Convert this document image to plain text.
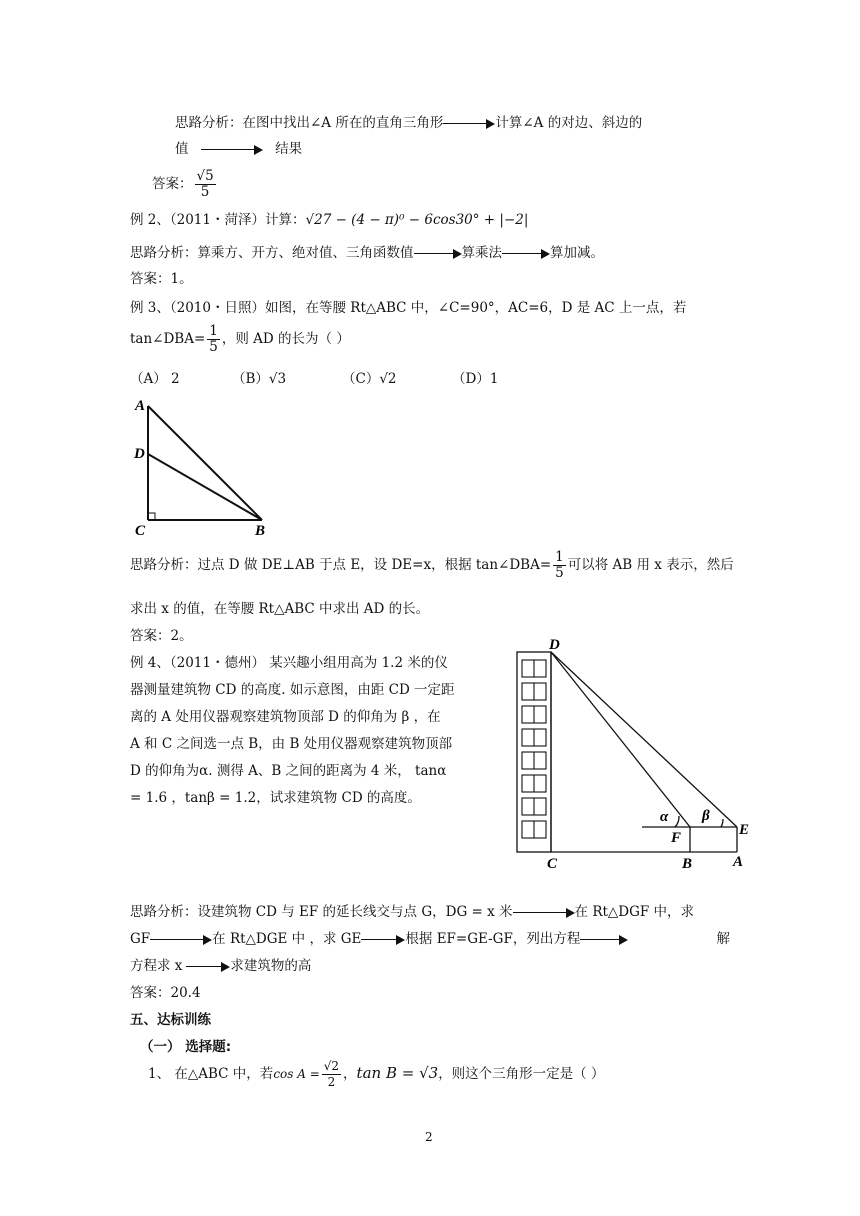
思路分析：在图中找出∠A 所在的直角三角形	计算∠A 的对边、斜边的
值	结果
答案： $\frac{√5}{5}$
例 2、（2011・菏泽）计算：√27 − (4 − π)⁰ − 6cos30° + |−2|
思路分析：算乘方、开方、绝对值、三角函数值	算乘法	算加减。
答案：1。
例 3、（2010・日照）如图，在等腰 Rt△ABC 中，∠C=90°，AC=6，D 是 AC 上一点，若
tan∠DBA= $\frac{1}{5}$ ，则 AD 的长为（ ）
（A） 2	（B）√3	（C）√2	（D）1
A
D
C	B
思路分析：过点 D 做 DE⊥AB 于点 E，设 DE=x，根据 tan∠DBA= $\frac{1}{5}$ 可以将 AB 用 x 表示，然后
求出 x 的值，在等腰 Rt△ABC 中求出 AD 的长。
答案：2。
例 4、（2011・德州） 某兴趣小组用高为 1.2 米的仪
器测量建筑物 CD 的高度. 如示意图，由距 CD 一定距
离的 A 处用仪器观察建筑物顶部 D 的仰角为 β ，在
A 和 C 之间选一点 B，由 B 处用仪器观察建筑物顶部
D 的仰角为α. 测得 A、B 之间的距离为 4 米， tanα
= 1.6 ，tanβ = 1.2，试求建筑物 CD 的高度。
D
α β
F	E
C	B	A
思路分析：设建筑物 CD 与 EF 的延长线交与点 G，DG = x 米	在 Rt△DGF 中，求
GF	在 Rt△DGE 中 ，求 GE	根据 EF=GE-GF，列出方程	解
方程求 x	求建筑物的高
答案：20.4
五、达标训练
（一） 选择题:
1、 在△ABC 中，若$\cos A = \frac{√2}{2}$ ，tan B = √3，则这个三角形一定是（ ）
2
